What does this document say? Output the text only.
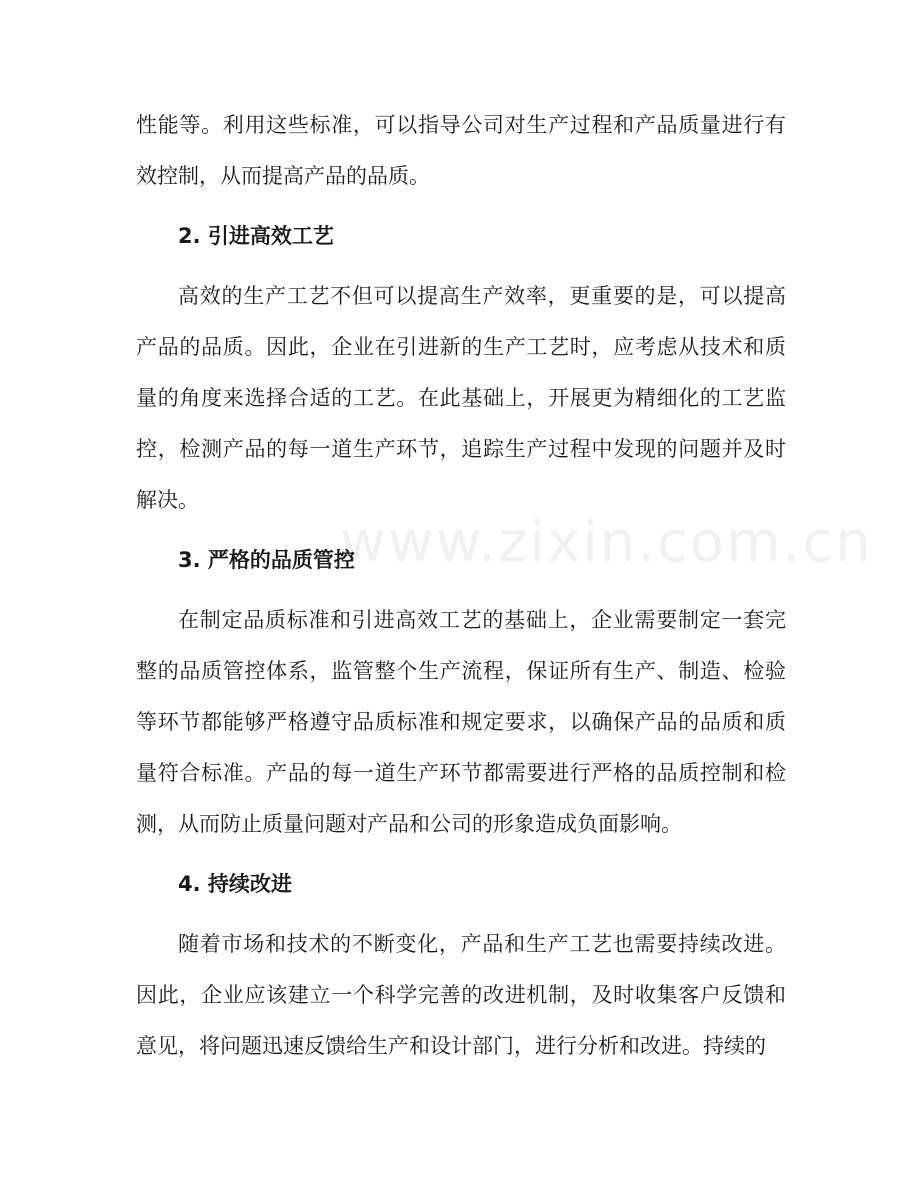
www.zixin.com.cn

性能等。利用这些标准，可以指导公司对生产过程和产品质量进行有效控制，从而提高产品的品质。

2. 引进高效工艺

高效的生产工艺不但可以提高生产效率，更重要的是，可以提高产品的品质。因此，企业在引进新的生产工艺时，应考虑从技术和质量的角度来选择合适的工艺。在此基础上，开展更为精细化的工艺监控，检测产品的每一道生产环节，追踪生产过程中发现的问题并及时解决。

3. 严格的品质管控

在制定品质标准和引进高效工艺的基础上，企业需要制定一套完整的品质管控体系，监管整个生产流程，保证所有生产、制造、检验等环节都能够严格遵守品质标准和规定要求，以确保产品的品质和质量符合标准。产品的每一道生产环节都需要进行严格的品质控制和检测，从而防止质量问题对产品和公司的形象造成负面影响。

4. 持续改进

随着市场和技术的不断变化，产品和生产工艺也需要持续改进。因此，企业应该建立一个科学完善的改进机制，及时收集客户反馈和意见，将问题迅速反馈给生产和设计部门，进行分析和改进。持续的
